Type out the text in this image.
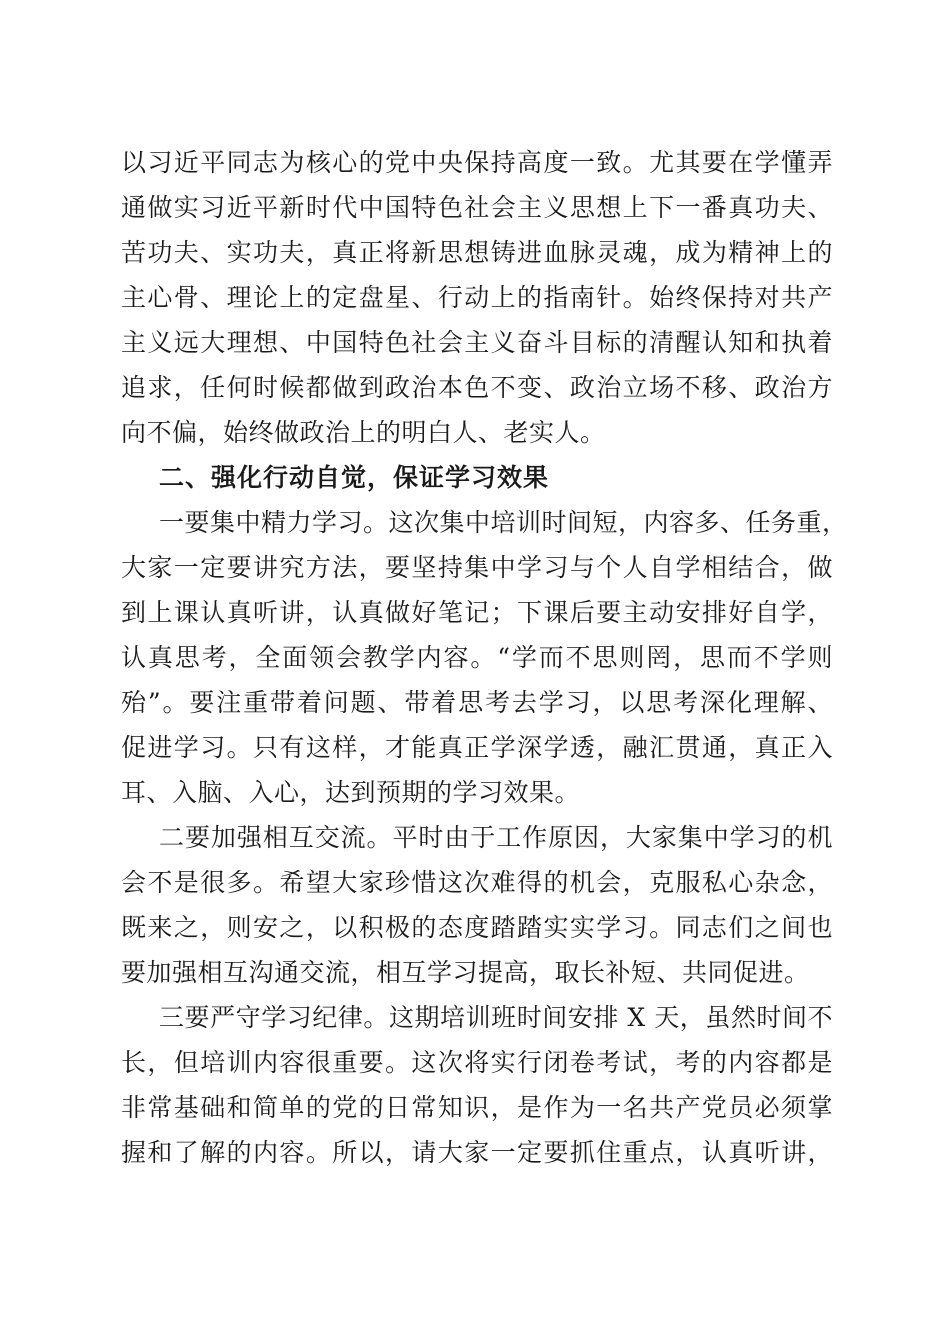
以习近平同志为核心的党中央保持高度一致。尤其要在学懂弄
通做实习近平新时代中国特色社会主义思想上下一番真功夫、
苦功夫、实功夫，真正将新思想铸进血脉灵魂，成为精神上的
主心骨、理论上的定盘星、行动上的指南针。始终保持对共产
主义远大理想、中国特色社会主义奋斗目标的清醒认知和执着
追求，任何时候都做到政治本色不变、政治立场不移、政治方
向不偏，始终做政治上的明白人、老实人。
二、强化行动自觉，保证学习效果
一要集中精力学习。这次集中培训时间短，内容多、任务重，
大家一定要讲究方法，要坚持集中学习与个人自学相结合，做
到上课认真听讲，认真做好笔记；下课后要主动安排好自学，
认真思考，全面领会教学内容。“学而不思则罔，思而不学则
殆”。要注重带着问题、带着思考去学习，以思考深化理解、
促进学习。只有这样，才能真正学深学透，融汇贯通，真正入
耳、入脑、入心，达到预期的学习效果。
二要加强相互交流。平时由于工作原因，大家集中学习的机
会不是很多。希望大家珍惜这次难得的机会，克服私心杂念，
既来之，则安之，以积极的态度踏踏实实学习。同志们之间也
要加强相互沟通交流，相互学习提高，取长补短、共同促进。
三要严守学习纪律。这期培训班时间安排 X 天，虽然时间不
长，但培训内容很重要。这次将实行闭卷考试，考的内容都是
非常基础和简单的党的日常知识，是作为一名共产党员必须掌
握和了解的内容。所以，请大家一定要抓住重点，认真听讲，
